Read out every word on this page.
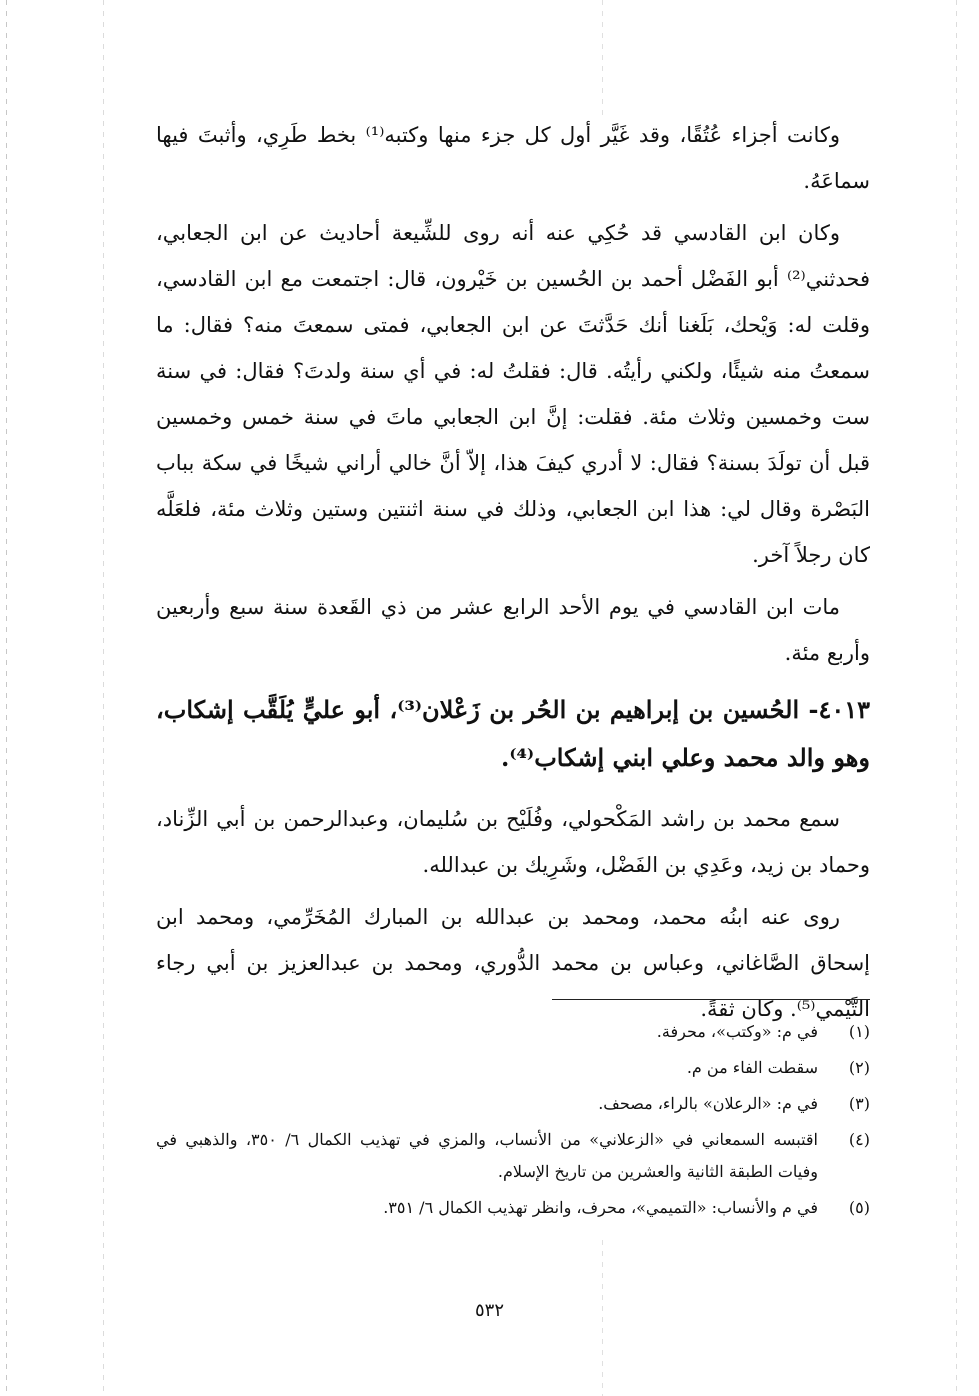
وكانت أجزاء عُتُقًا، وقد غَيَّر أول كل جزء منها وكتبه⁽¹⁾ بخط طَرِي، وأثبتَ فيها سماعَهُ.

وكان ابن القادسي قد حُكِي عنه أنه روى للشِّيعة أحاديث عن ابن الجعابي، فحدثني⁽²⁾ أبو الفَضْل أحمد بن الحُسين بن خَيْرون، قال: اجتمعت مع ابن القادسي، وقلت له: وَيْحك، بَلَغنا أنك حَدَّثتَ عن ابن الجعابي، فمتى سمعتَ منه؟ فقال: ما سمعتُ منه شيئًا، ولكني رأيتُه. قال: فقلتُ له: في أي سنة ولدتَ؟ فقال: في سنة ست وخمسين وثلاث مئة. فقلت: إنَّ ابن الجعابي ماتَ في سنة خمس وخمسين قبل أن تولَدَ بسنة؟ فقال: لا أدري كيفَ هذا، إلاّ أنَّ خالي أراني شيخًا في سكة بباب البَصْرة وقال لي: هذا ابن الجعابي، وذلك في سنة اثنتين وستين وثلاث مئة، فلعَلَّه كان رجلاً آخر.

مات ابن القادسي في يوم الأحد الرابع عشر من ذي القَعدة سنة سبع وأربعين وأربع مئة.

٤٠١٣- الحُسين بن إبراهيم بن الحُر بن زَعْلان⁽³⁾، أبو عليٍّ يُلَقَّب إشكاب، وهو والد محمد وعلي ابني إشكاب⁽⁴⁾.

سمع محمد بن راشد المَكْحولي، وفُلَيْح بن سُليمان، وعبدالرحمن بن أبي الزِّناد، وحماد بن زيد، وعَدِي بن الفَضْل، وشَرِيك بن عبدالله.

روى عنه ابنُه محمد، ومحمد بن عبدالله بن المبارك المُخَرِّمي، ومحمد ابن إسحاق الصَّاغاني، وعباس بن محمد الدُّوري، ومحمد بن عبدالعزيز بن أبي رجاء التَّيْمي⁽⁵⁾. وكان ثقةً.

(١)
في م: «وكتب»، محرفة.
(٢)
سقطت الفاء من م.
(٣)
في م: «الرعلان» بالراء، مصحف.
(٤)
اقتبسه السمعاني في «الزعلاني» من الأنساب، والمزي في تهذيب الكمال ٦/ ٣٥٠، والذهبي في وفيات الطبقة الثانية والعشرين من تاريخ الإسلام.
(٥)
في م والأنساب: «التميمي»، محرف، وانظر تهذيب الكمال ٦/ ٣٥١.
٥٣٢
